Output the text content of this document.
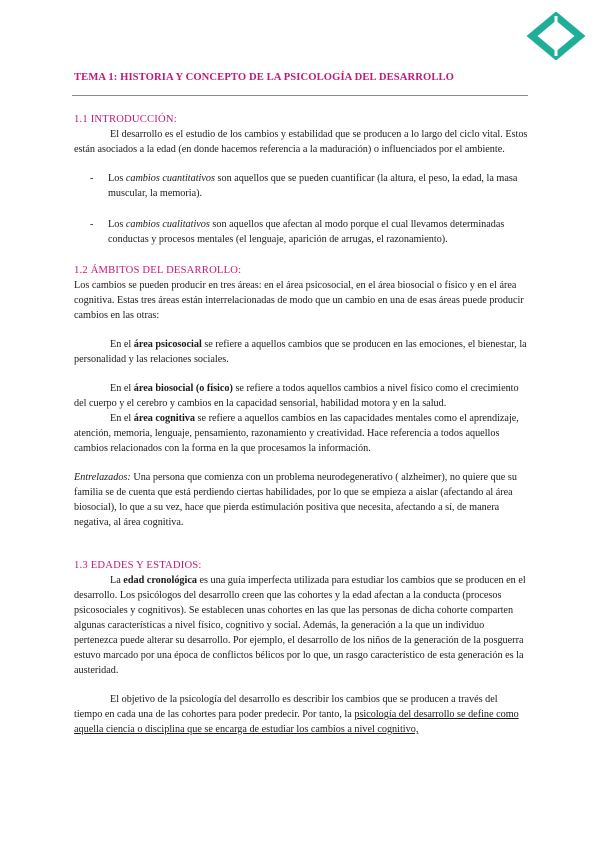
TEMA 1: HISTORIA Y CONCEPTO DE LA PSICOLOGÍA DEL DESARROLLO
1.1 INTRODUCCIÓN:

El desarrollo es el estudio de los cambios y estabilidad que se producen a lo largo del ciclo vital. Estos están asociados a la edad (en donde hacemos referencia a la maduración) o influenciados por el ambiente.

- Los cambios cuantitativos son aquellos que se pueden cuantificar (la altura, el peso, la edad, la masa muscular, la memoria).
- Los cambios cualitativos son aquellos que afectan al modo porque el cual llevamos determinadas conductas y procesos mentales (el lenguaje, aparición de arrugas, el razonamiento).
1.2 ÁMBITOS DEL DESARROLLO:

Los cambios se pueden producir en tres áreas: en el área psicosocial, en el área biosocial o físico y en el área cognitiva. Estas tres áreas están interrelacionadas de modo que un cambio en una de esas áreas puede producir cambios en las otras:

En el área psicosocial se refiere a aquellos cambios que se producen en las emociones, el bienestar, la personalidad y las relaciones sociales.

En el área biosocial (o físico) se refiere a todos aquellos cambios a nivel físico como el crecimiento del cuerpo y el cerebro y cambios en la capacidad sensorial, habilidad motora y en la salud.

En el área cognitiva se refiere a aquellos cambios en las capacidades mentales como el aprendizaje, atención, memoria, lenguaje, pensamiento, razonamiento y creatividad. Hace referencia a todos aquellos cambios relacionados con la forma en la que procesamos la información.

Entrelazados: Una persona que comienza con un problema neurodegenerativo ( alzheimer), no quiere que su familia se de cuenta que está perdiendo ciertas habilidades, por lo que se empieza a aislar (afectando al área biosocial), lo que a su vez, hace que pierda estimulación positiva que necesita, afectando a sí, de manera negativa, al área cognitiva.

1.3 EDADES Y ESTADIOS:

La edad cronológica es una guía imperfecta utilizada para estudiar los cambios que se producen en el desarrollo. Los psicólogos del desarrollo creen que las cohortes y la edad afectan a la conducta (procesos psicosociales y cognitivos). Se establecen unas cohortes en las que las personas de dicha cohorte comparten algunas características a nivel físico, cognitivo y social. Además, la generación a la que un individuo pertenezca puede alterar su desarrollo. Por ejemplo, el desarrollo de los niños de la generación de la posguerra estuvo marcado por una época de conflictos bélicos por lo que, un rasgo característico de esta generación es la austeridad.

El objetivo de la psicología del desarrollo es describir los cambios que se producen a través del tiempo en cada una de las cohortes para poder predecir. Por tanto, la psicología del desarrollo se define como aquella ciencia o disciplina que se encarga de estudiar los cambios a nivel cognitivo,
